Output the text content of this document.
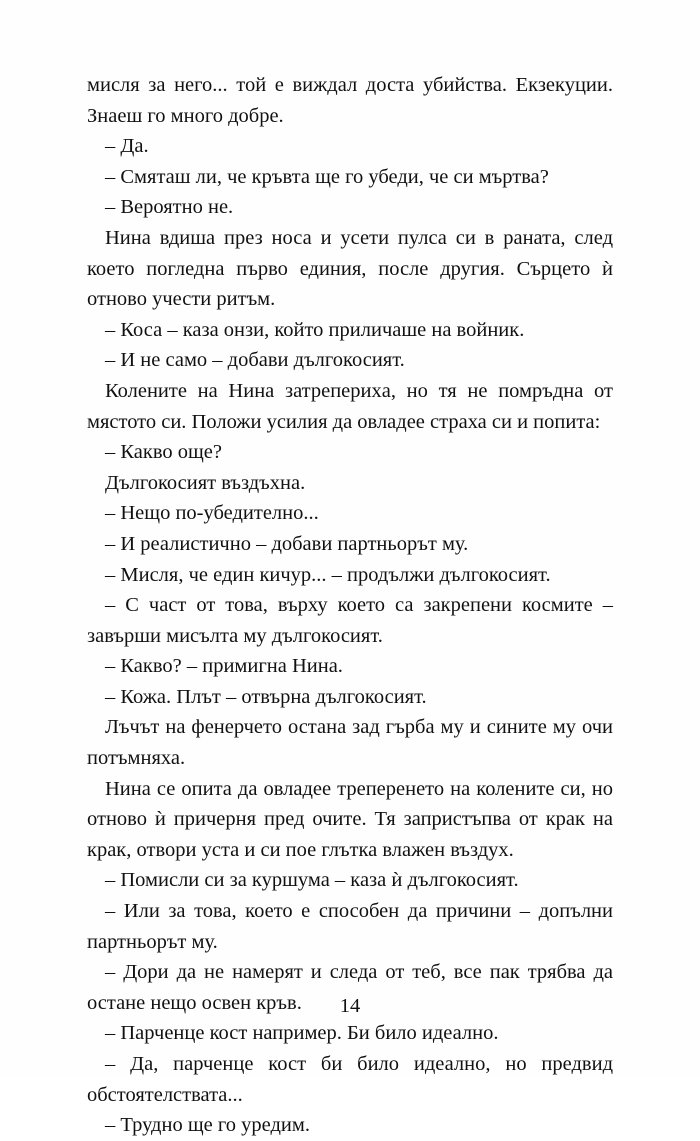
мисля за него... той е виждал доста убийства. Екзекуции. Знаеш го много добре.

– Да.

– Смяташ ли, че кръвта ще го убеди, че си мъртва?

– Вероятно не.

Нина вдиша през носа и усети пулса си в раната, след което погледна първо единия, после другия. Сърцето ѝ отново учести ритъм.

– Коса – каза онзи, който приличаше на войник.

– И не само – добави дългокосият.

Колените на Нина затреперихa, но тя не помръдна от мястото си. Положи усилия да овладее страха си и попита:

– Какво още?

Дългокосият въздъхна.

– Нещо по-убедително...

– И реалистично – добави партньорът му.

– Мисля, че един кичур... – продължи дългокосият.

– С част от това, върху което са закрепени космите – завърши мисълта му дългокосият.

– Какво? – примигна Нина.

– Кожа. Плът – отвърна дългокосият.

Лъчът на фенерчето остана зад гърба му и сините му очи потъмняха.

Нина се опита да овладее треперенето на колените си, но отново ѝ причерня пред очите. Тя запристъпва от крак на крак, отвори уста и си пое глътка влажен въздух.

– Помисли си за куршума – каза ѝ дългокосият.

– Или за това, което е способен да причини – допълни партньорът му.

– Дори да не намерят и следа от теб, все пак трябва да остане нещо освен кръв.

– Парченце кост например. Би било идеално.

– Да, парченце кост би било идеално, но предвид обстоятелствата...

– Трудно ще го уредим.

14
